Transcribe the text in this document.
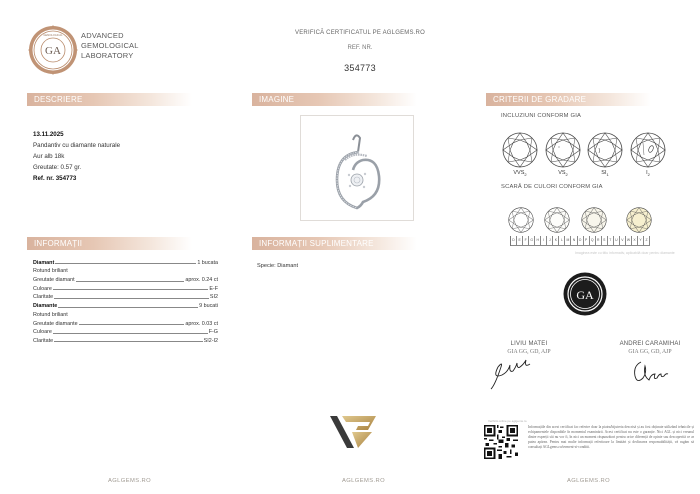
GA
GEMOLOGICAL ADVANCED
GEMOLOGICAL
LABORATORY
VERIFICĂ CERTIFICATUL PE AGLGEMS.RO
REF. NR.
354773
DESCRIERE	IMAGINE	CRITERII DE GRADARE
INFORMAȚII	INFORMAȚII SUPLIMENTARE
13.11.2025
Pandantiv cu diamante naturale
Aur alb 18k
Greutate: 0.57 gr.
Ref. nr. 354773
INCLUZIUNI CONFORM GIA
$VVS_2$	$VS_2$	$SI_1$	$I_2$
SCARĂ DE CULORI CONFORM GIA
D	E	F	G	H	I	J	K	L	M	N	O	P	Q	R	S	T	U	V W X	Y	Z
Imaginea este cu titlu informativ, aplicabilă doar pentru diamante
Diamant	1 bucata
Rotund briliant
Greutate diamant	aprox. 0.24 ct
Culoare	E-F
Claritate	SI2
Diamante	9 bucati
Rotund briliant
Greutate diamante	aprox. 0.03 ct
Culoare	F-G
Claritate	SI2-I2
Specie: Diamant
GA
LIVIU MATEI
GIA GG, GD, AJP
ANDREI CARAMIHAI
GIA GG, GD, AJP
AGLGEMS.RO	AGLGEMS.RO	AGLGEMS.RO
Verifică online pe aglgems.ro
Informațiile din acest certificat fac referire doar la piatra/bijuteria descrisă și au fost obținute utilizând tehnicile și echipamentele disponibile în momentul examinării. Acest certificat nu este o garanție. Nici AGL și nici vreunul dintre experții săi nu vor fi, în nici un moment răspunzători pentru orice diferență de opinie sau descoperită ce ar putea apărea. Pentru mai multe informații referitoare la limitări și declinarea responsabilității, vă rugăm să consultați AGLgems.ro/termeni-si-conditii.
